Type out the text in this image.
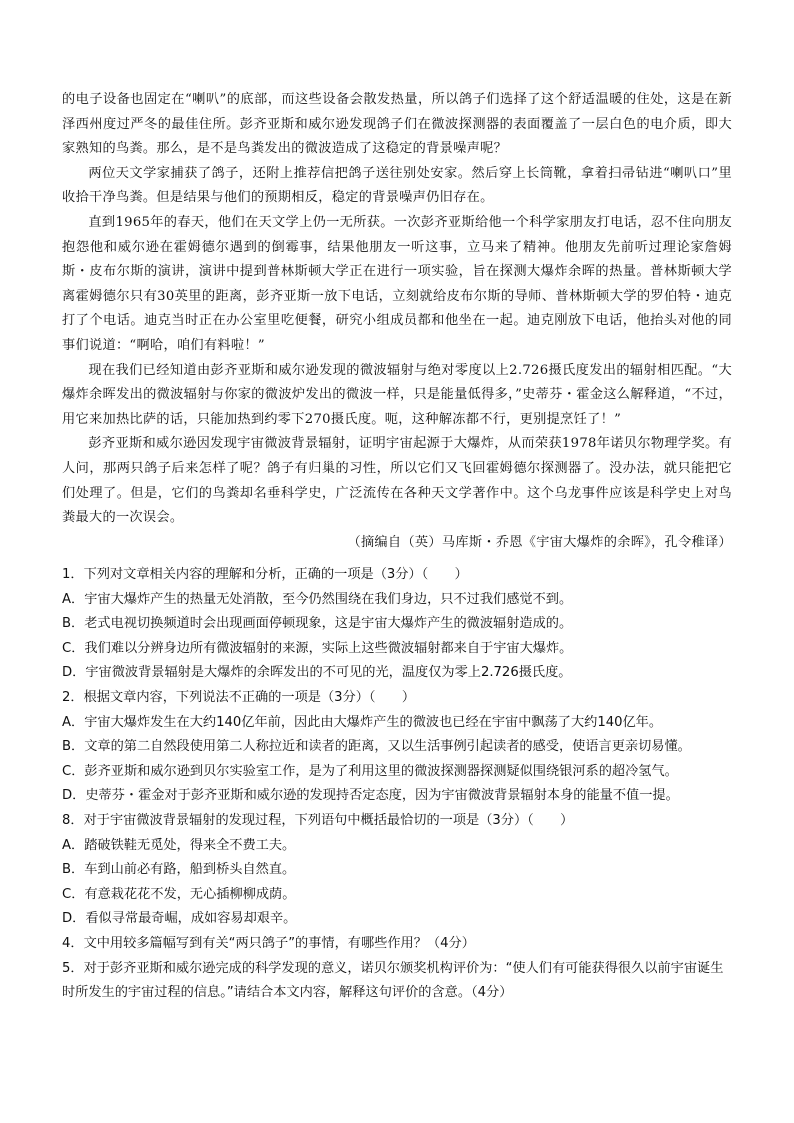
的电子设备也固定在“喇叭”的底部，而这些设备会散发热量，所以鸽子们选择了这个舒适温暖的住处，这是在新泽西州度过严冬的最佳住所。彭齐亚斯和威尔逊发现鸽子们在微波探测器的表面覆盖了一层白色的电介质，即大家熟知的鸟粪。那么，是不是鸟粪发出的微波造成了这稳定的背景噪声呢？

两位天文学家捕获了鸽子，还附上推荐信把鸽子送往别处安家。然后穿上长筒靴，拿着扫帚钻进“喇叭口”里收拾干净鸟粪。但是结果与他们的预期相反，稳定的背景噪声仍旧存在。

直到1965年的春天，他们在天文学上仍一无所获。一次彭齐亚斯给他一个科学家朋友打电话，忍不住向朋友抱怨他和威尔逊在霍姆德尔遇到的倒霉事，结果他朋友一听这事，立马来了精神。他朋友先前听过理论家詹姆斯・皮布尔斯的演讲，演讲中提到普林斯顿大学正在进行一项实验，旨在探测大爆炸余晖的热量。普林斯顿大学离霍姆德尔只有30英里的距离，彭齐亚斯一放下电话，立刻就给皮布尔斯的导师、普林斯顿大学的罗伯特・迪克打了个电话。迪克当时正在办公室里吃便餐，研究小组成员都和他坐在一起。迪克刚放下电话，他抬头对他的同事们说道：“啊哈，咱们有料啦！”

现在我们已经知道由彭齐亚斯和威尔逊发现的微波辐射与绝对零度以上2.726摄氏度发出的辐射相匹配。“大爆炸余晖发出的微波辐射与你家的微波炉发出的微波一样，只是能量低得多，”史蒂芬・霍金这么解释道，“不过，用它来加热比萨的话，只能加热到约零下270摄氏度。呃，这种解冻都不行，更别提烹饪了！”

彭齐亚斯和威尔逊因发现宇宙微波背景辐射，证明宇宙起源于大爆炸，从而荣获1978年诺贝尔物理学奖。有人问，那两只鸽子后来怎样了呢？鸽子有归巢的习性，所以它们又飞回霍姆德尔探测器了。没办法，就只能把它们处理了。但是，它们的鸟粪却名垂科学史，广泛流传在各种天文学著作中。这个乌龙事件应该是科学史上对鸟粪最大的一次误会。

（摘编自（英）马库斯・乔恩《宇宙大爆炸的余晖》，孔令稚译）

1．下列对文章相关内容的理解和分析，正确的一项是（3分）（　　）

A．宇宙大爆炸产生的热量无处消散，至今仍然围绕在我们身边，只不过我们感觉不到。

B．老式电视切换频道时会出现画面停顿现象，这是宇宙大爆炸产生的微波辐射造成的。

C．我们难以分辨身边所有微波辐射的来源，实际上这些微波辐射都来自于宇宙大爆炸。

D．宇宙微波背景辐射是大爆炸的余晖发出的不可见的光，温度仅为零上2.726摄氏度。

2．根据文章内容，下列说法不正确的一项是（3分）（　　）

A．宇宙大爆炸发生在大约140亿年前，因此由大爆炸产生的微波也已经在宇宙中飘荡了大约140亿年。

B．文章的第二自然段使用第二人称拉近和读者的距离，又以生活事例引起读者的感受，使语言更亲切易懂。

C．彭齐亚斯和威尔逊到贝尔实验室工作，是为了利用这里的微波探测器探测疑似围绕银河系的超冷氢气。

D．史蒂芬・霍金对于彭齐亚斯和威尔逊的发现持否定态度，因为宇宙微波背景辐射本身的能量不值一提。

8．对于宇宙微波背景辐射的发现过程，下列语句中概括最恰切的一项是（3分）（　　）

A．踏破铁鞋无觅处，得来全不费工夫。

B．车到山前必有路，船到桥头自然直。

C．有意栽花花不发，无心插柳柳成荫。

D．看似寻常最奇崛，成如容易却艰辛。

4．文中用较多篇幅写到有关“两只鸽子”的事情，有哪些作用？（4分）

5．对于彭齐亚斯和威尔逊完成的科学发现的意义，诺贝尔颁奖机构评价为：“使人们有可能获得很久以前宇宙诞生时所发生的宇宙过程的信息。”请结合本文内容，解释这句评价的含意。（4分）
